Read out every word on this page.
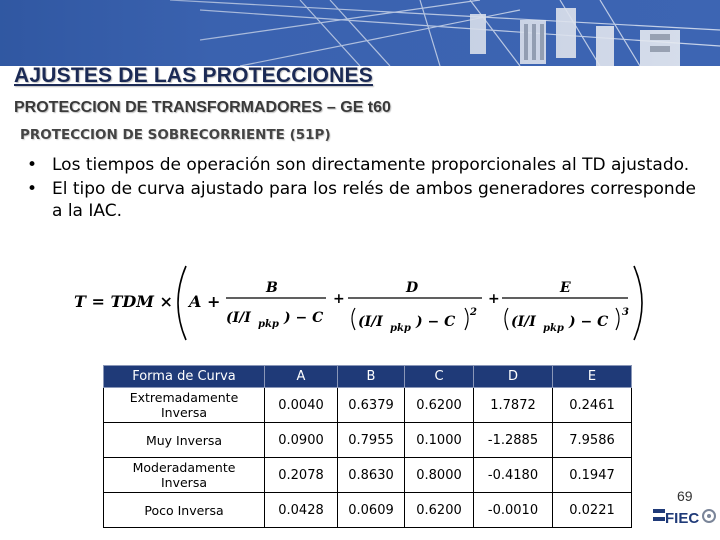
AJUSTES DE LAS PROTECCIONES
PROTECCION DE TRANSFORMADORES – GE t60
PROTECCION DE SOBRECORRIENTE (51P)
• Los tiempos de operación son directamente proporcionales al TD ajustado.
• El tipo de curva ajustado para los relés de ambos generadores corresponde a la IAC.
T = TDM × A +
B
(I/I pkp ) − C
+
D
(I/I pkp ) − C
2
+
E
(I/I pkp ) − C
3
Forma de Curva	A	B	C	D	E
Extremadamente Inversa	0.0040	0.6379	0.6200	1.7872	0.2461
Muy Inversa	0.0900	0.7955	0.1000	-1.2885	7.9586
Moderadamente Inversa	0.2078	0.8630	0.8000	-0.4180	0.1947
Poco Inversa	0.0428	0.0609	0.6200	-0.0010	0.0221
69
FIEC
